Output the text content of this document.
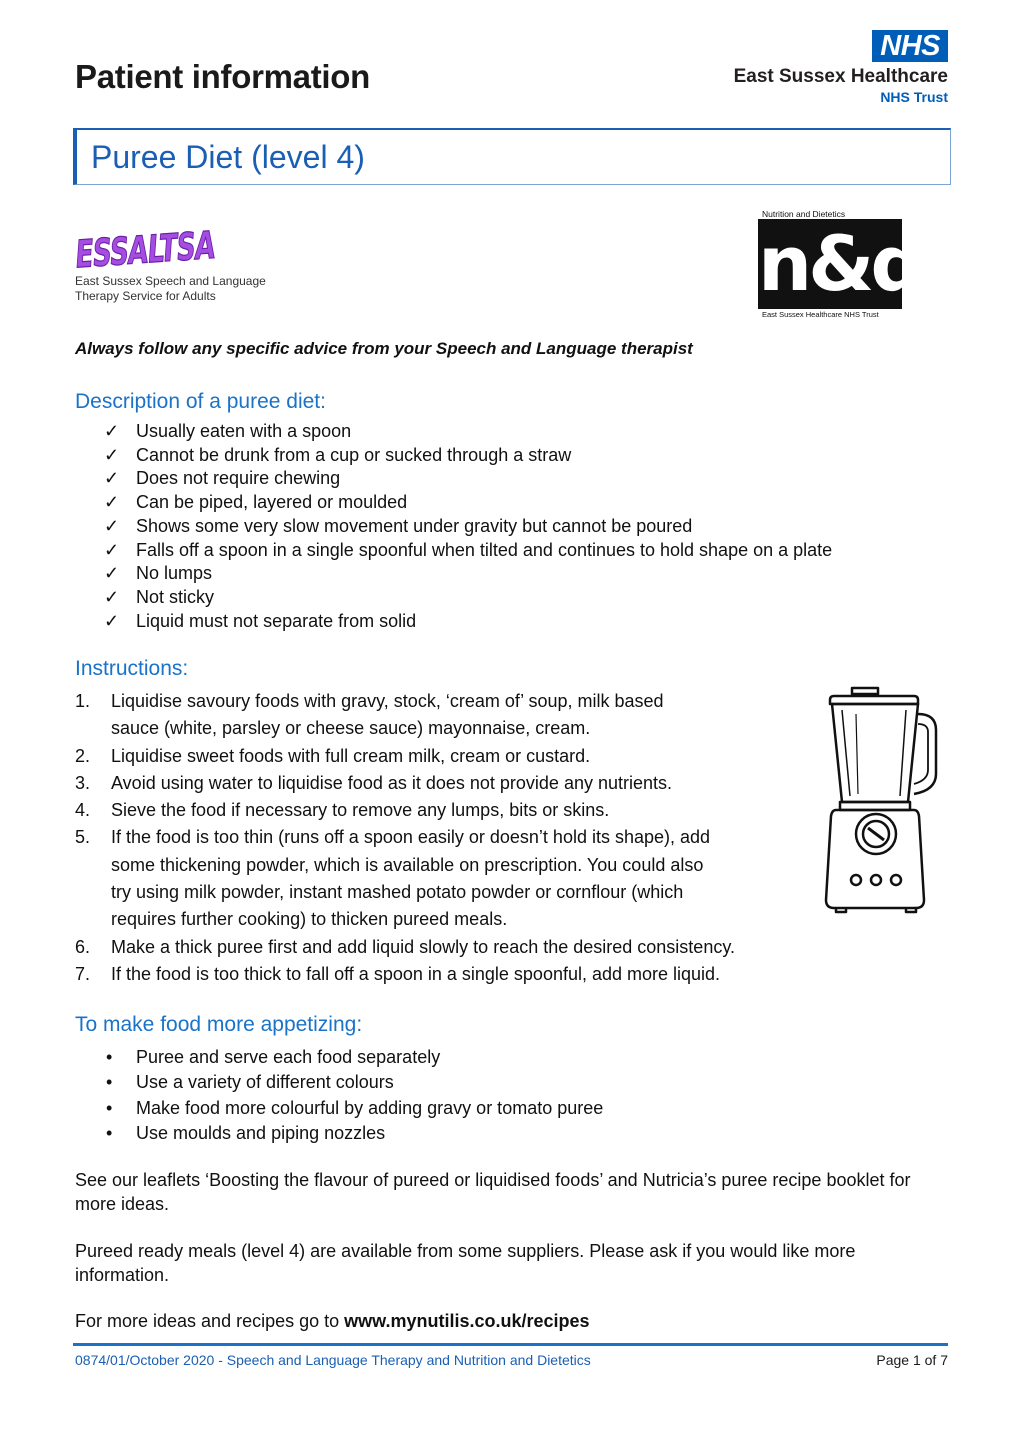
Patient information
NHS
East Sussex Healthcare
NHS Trust
Puree Diet (level 4)
ESSALTSA
East Sussex Speech and Language
Therapy Service for Adults
Nutrition and Dietetics
n&d
East Sussex Healthcare NHS Trust
Always follow any specific advice from your Speech and Language therapist
Description of a puree diet:
✓ Usually eaten with a spoon
✓ Cannot be drunk from a cup or sucked through a straw
✓ Does not require chewing
✓ Can be piped, layered or moulded
✓ Shows some very slow movement under gravity but cannot be poured
✓ Falls off a spoon in a single spoonful when tilted and continues to hold shape on a plate
✓ No lumps
✓ Not sticky
✓ Liquid must not separate from solid
Instructions:
1. Liquidise savoury foods with gravy, stock, ‘cream of’ soup, milk based
sauce (white, parsley or cheese sauce) mayonnaise, cream.
2. Liquidise sweet foods with full cream milk, cream or custard.
3. Avoid using water to liquidise food as it does not provide any nutrients.
4. Sieve the food if necessary to remove any lumps, bits or skins.
5. If the food is too thin (runs off a spoon easily or doesn’t hold its shape), add
some thickening powder, which is available on prescription. You could also
try using milk powder, instant mashed potato powder or cornflour (which
requires further cooking) to thicken pureed meals.
6. Make a thick puree first and add liquid slowly to reach the desired consistency.
7. If the food is too thick to fall off a spoon in a single spoonful, add more liquid.
To make food more appetizing:
• Puree and serve each food separately
• Use a variety of different colours
• Make food more colourful by adding gravy or tomato puree
• Use moulds and piping nozzles
See our leaflets ‘Boosting the flavour of pureed or liquidised foods’ and Nutricia’s puree recipe booklet for more ideas.
Pureed ready meals (level 4) are available from some suppliers. Please ask if you would like more information.
For more ideas and recipes go to www.mynutilis.co.uk/recipes
0874/01/October 2020 - Speech and Language Therapy and Nutrition and Dietetics	Page 1 of 7
